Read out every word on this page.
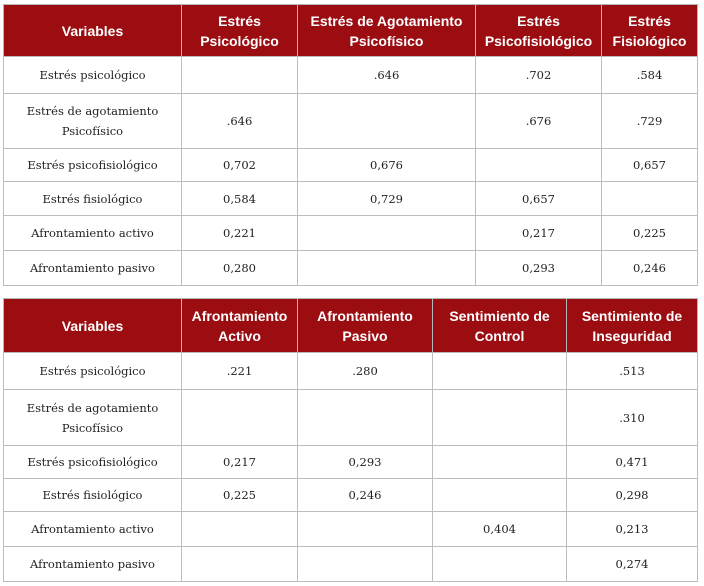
Variables	Estrés Psicológico	Estrés de Agotamiento Psicofísico	Estrés Psicofisiológico	Estrés Fisiológico
Estrés psicológico		.646	.702	.584
Estrés de agotamiento Psicofísico	.646		.676	.729
Estrés psicofisiológico	0,702	0,676		0,657
Estrés fisiológico	0,584	0,729	0,657	
Afrontamiento activo	0,221		0,217	0,225
Afrontamiento pasivo	0,280		0,293	0,246
Variables	Afrontamiento Activo	Afrontamiento Pasivo	Sentimiento de Control	Sentimiento de Inseguridad
Estrés psicológico	.221	.280		.513
Estrés de agotamiento Psicofísico				.310
Estrés psicofisiológico	0,217	0,293		0,471
Estrés fisiológico	0,225	0,246		0,298
Afrontamiento activo			0,404	0,213
Afrontamiento pasivo				0,274
